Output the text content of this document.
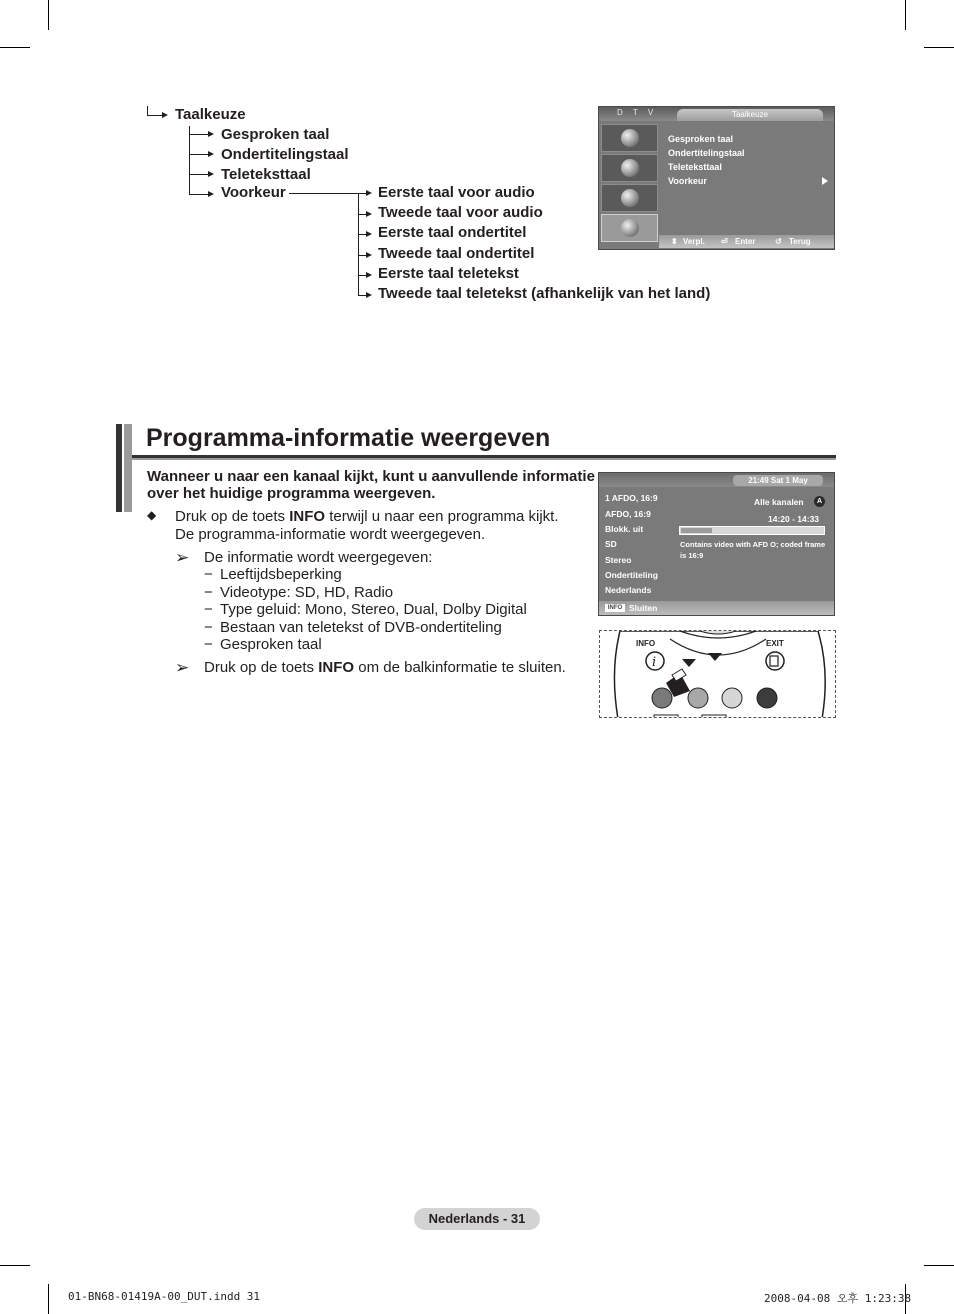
Taalkeuze
Gesproken taal
Ondertitelingstaal
Teleteksttaal
Voorkeur	Eerste taal voor audio
Tweede taal voor audio
Eerste taal ondertitel
Tweede taal ondertitel
Eerste taal teletekst
Tweede taal teletekst (afhankelijk van het land)
D T V	Taalkeuze
Gesproken taal
Ondertitelingstaal
Teleteksttaal
Voorkeur
⬍ Verpl. ⏎ Enter ↺ Terug
Programma-informatie weergeven
Wanneer u naar een kanaal kijkt, kunt u aanvullende informatie
over het huidige programma weergeven.
◆ Druk op de toets INFO terwijl u naar een programma kijkt.
De programma-informatie wordt weergegeven.
➢ De informatie wordt weergegeven:
− Leeftijdsbeperking
− Videotype: SD, HD, Radio
− Type geluid: Mono, Stereo, Dual, Dolby Digital
− Bestaan van teletekst of DVB-ondertiteling
− Gesproken taal
➢ Druk op de toets INFO om de balkinformatie te sluiten.
21:49 Sat 1 May
1 AFDO, 16:9
AFDO, 16:9
Blokk. uit
SD
Stereo
Ondertiteling
Nederlands
Alle kanalen	A
14:20 - 14:33
Contains video with AFD O; coded frame is 16:9
INFO Sluiten
i
INFO	EXIT
Nederlands - 31
01-BN68-01419A-00_DUT.indd 31	2008-04-08 오후 1:23:38
